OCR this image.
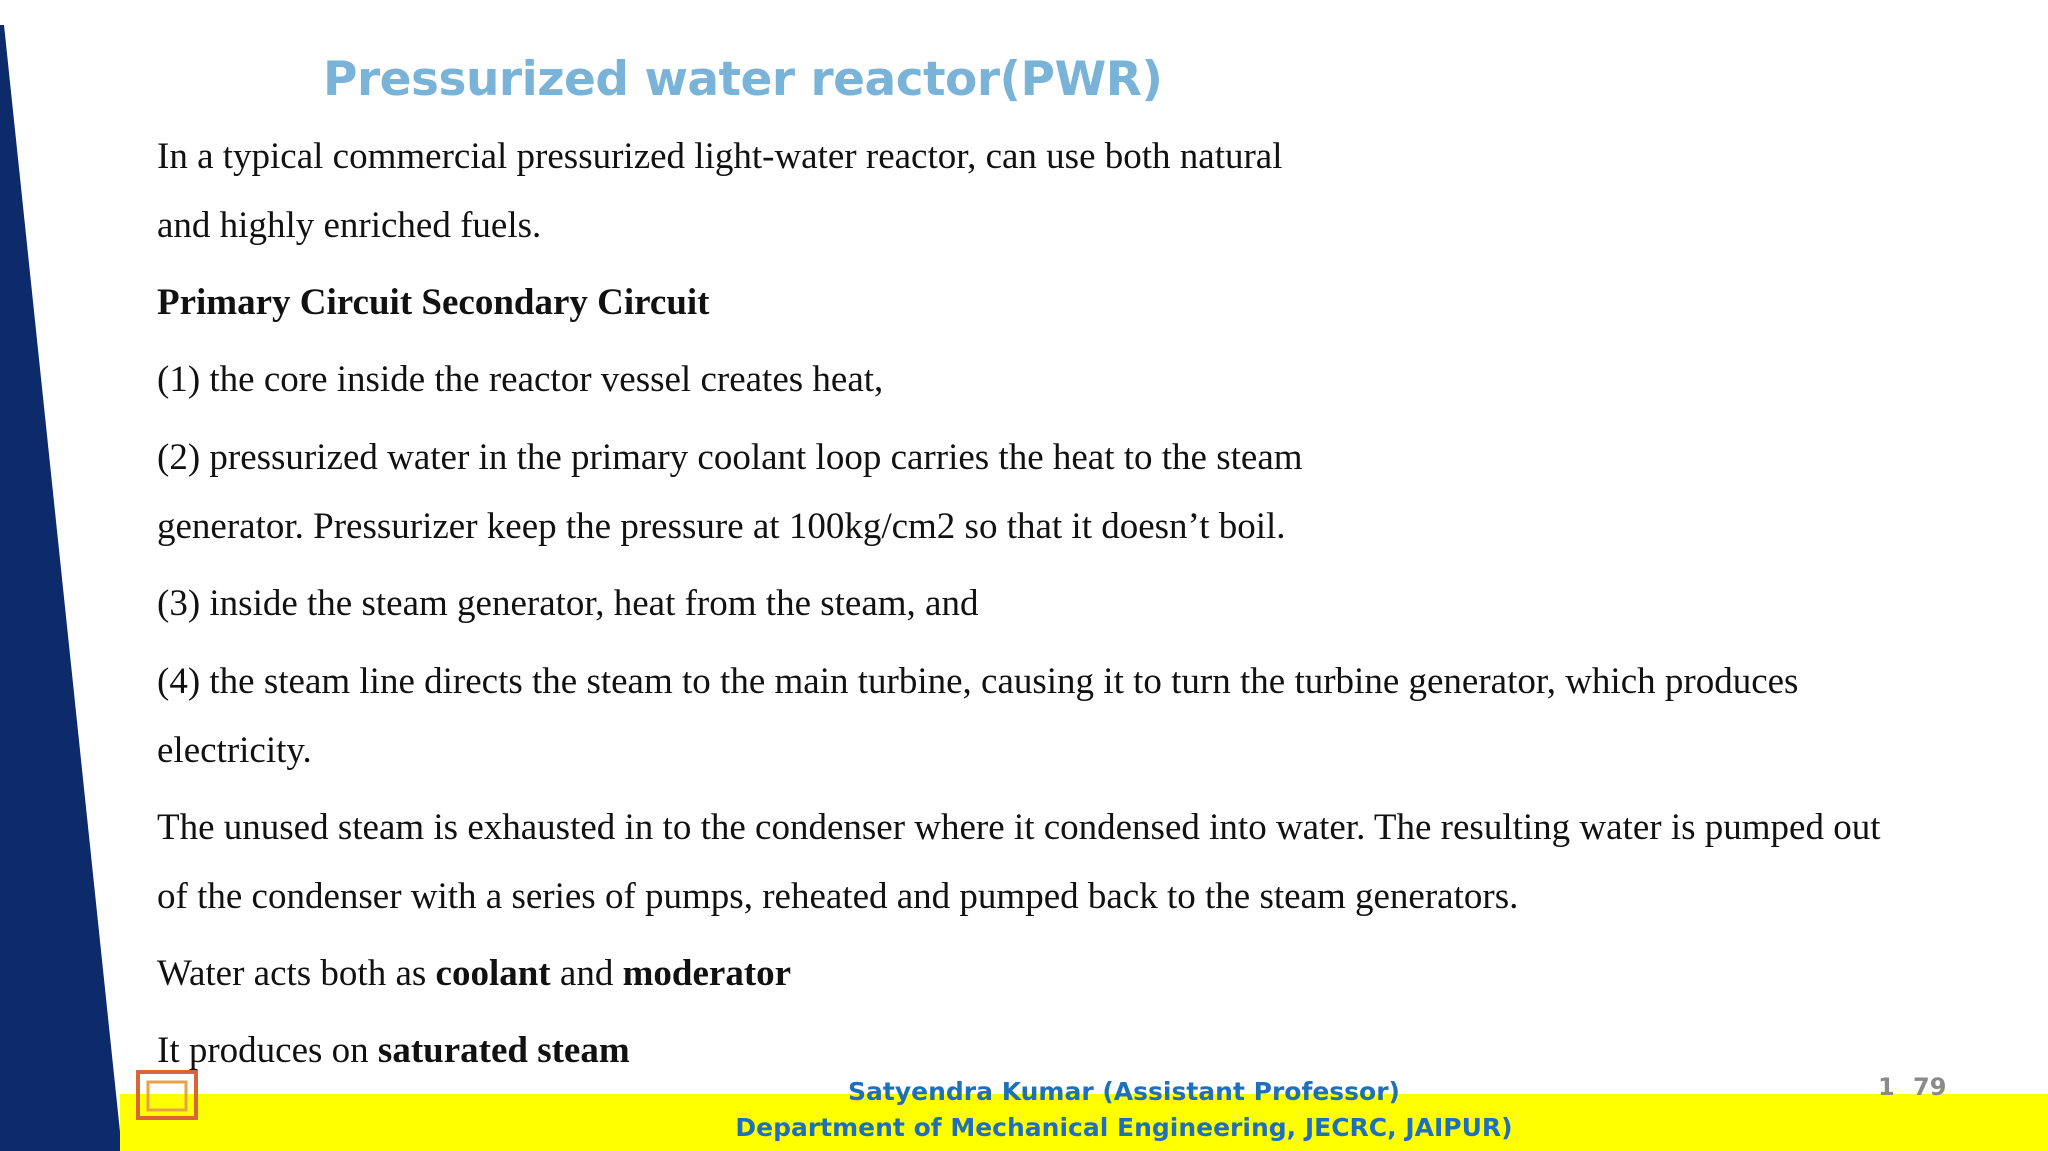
Pressurized water reactor(PWR)

In a typical commercial pressurized light-water reactor, can use both natural

and highly enriched fuels.

Primary Circuit Secondary Circuit

(1) the core inside the reactor vessel creates heat,

(2) pressurized water in the primary coolant loop carries the heat to the steam

generator. Pressurizer keep the pressure at 100kg/cm2 so that it doesn’t boil.

(3) inside the steam generator, heat from the steam, and

(4) the steam line directs the steam to the main turbine, causing it to turn the turbine generator, which produces

electricity.

The unused steam is exhausted in to the condenser where it condensed into water. The resulting water is pumped out

of the condenser with a series of pumps, reheated and pumped back to the steam generators.

Water acts both as coolant and moderator

It produces on saturated steam

Satyendra Kumar (Assistant Professor)
Department of Mechanical Engineering, JECRC, JAIPUR)
1 79
